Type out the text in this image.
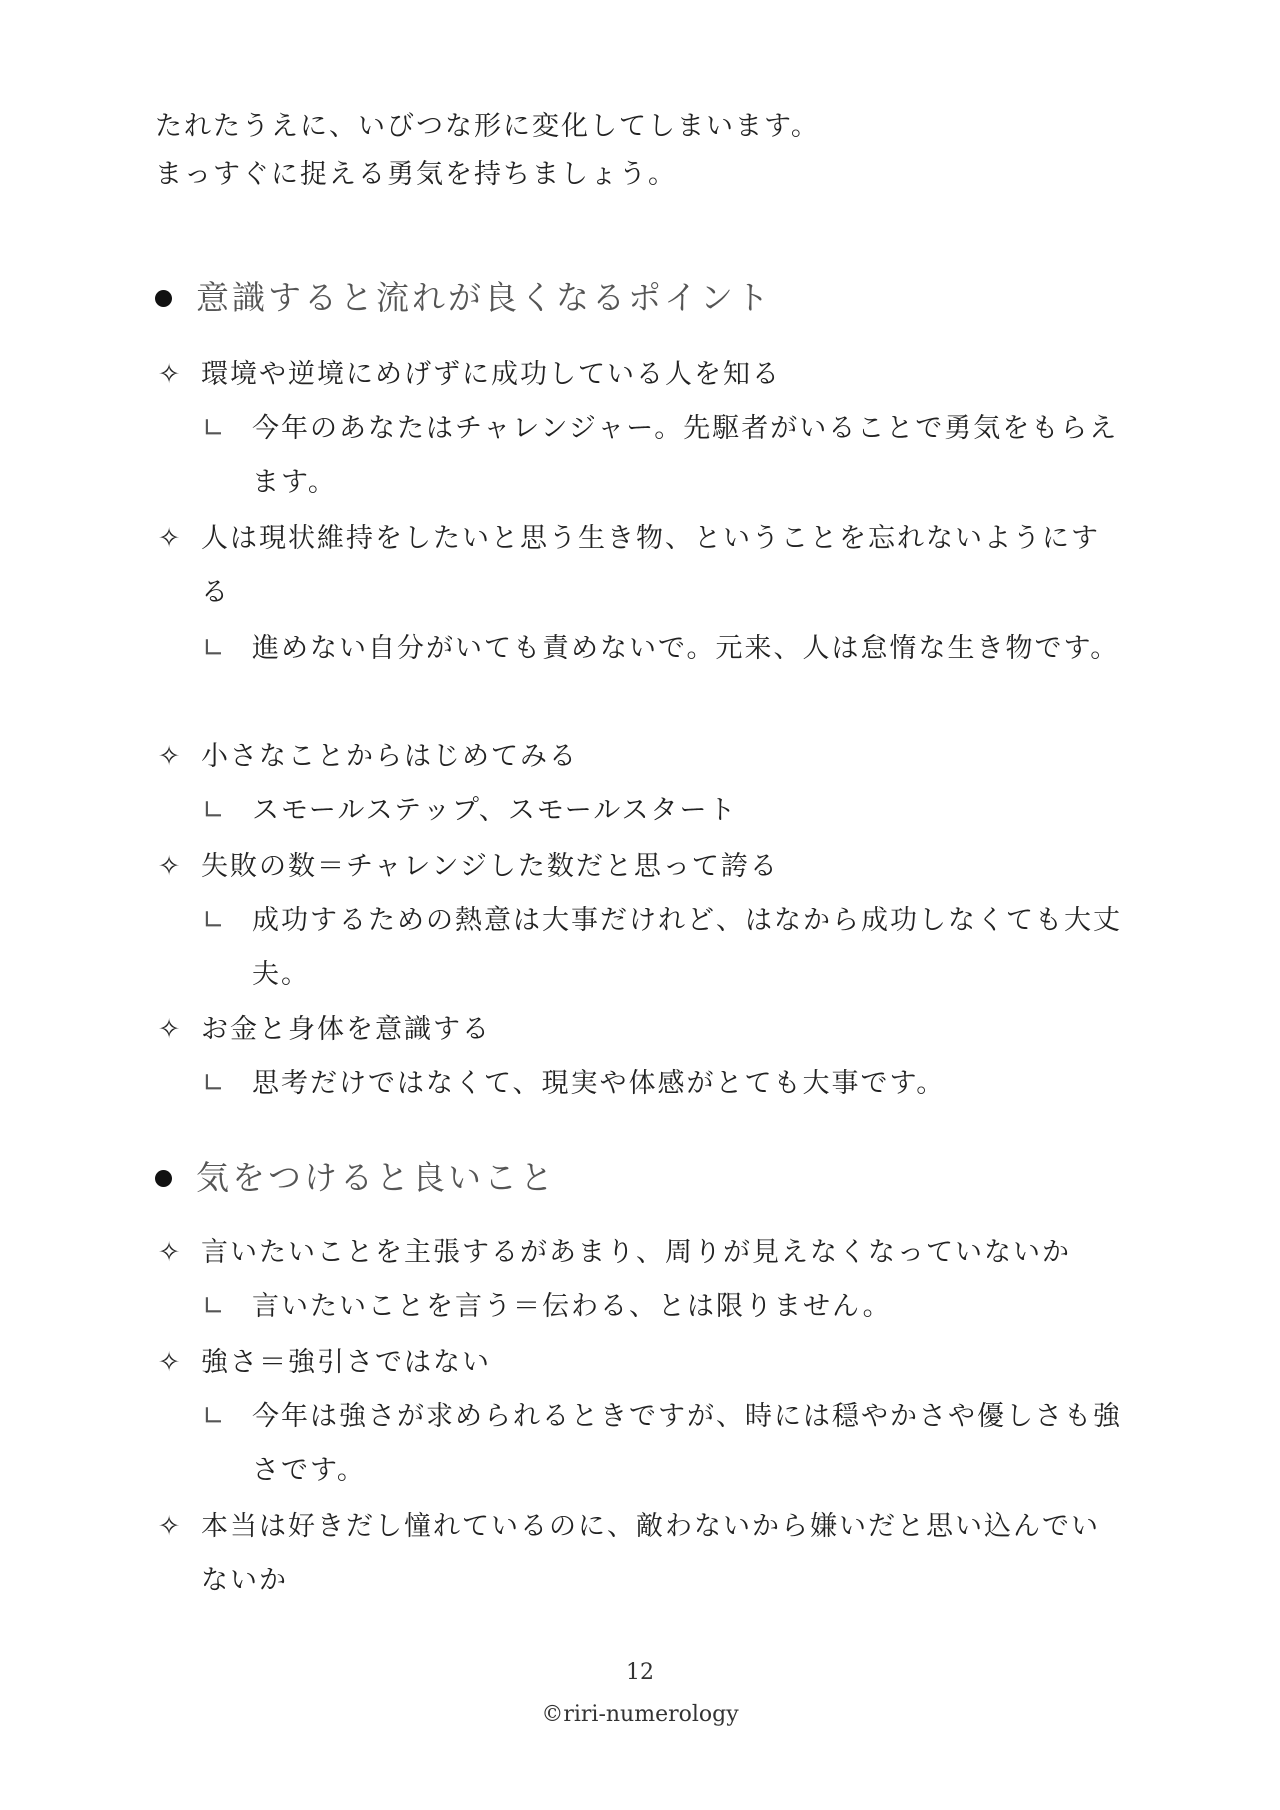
たれたうえに、いびつな形に変化してしまいます。

まっすぐに捉える勇気を持ちましょう。

意識すると流れが良くなるポイント
✧ 環境や逆境にめげずに成功している人を知る
∟ 今年のあなたはチャレンジャー。先駆者がいることで勇気をもらえます。
✧ 人は現状維持をしたいと思う生き物、ということを忘れないようにする
∟ 進めない自分がいても責めないで。元来、人は怠惰な生き物です。
✧ 小さなことからはじめてみる
∟ スモールステップ、スモールスタート
✧ 失敗の数＝チャレンジした数だと思って誇る
∟ 成功するための熱意は大事だけれど、はなから成功しなくても大丈夫。
✧ お金と身体を意識する
∟ 思考だけではなくて、現実や体感がとても大事です。
気をつけると良いこと
✧ 言いたいことを主張するがあまり、周りが見えなくなっていないか
∟ 言いたいことを言う＝伝わる、とは限りません。
✧ 強さ＝強引さではない
∟ 今年は強さが求められるときですが、時には穏やかさや優しさも強さです。
✧ 本当は好きだし憧れているのに、敵わないから嫌いだと思い込んでいないか
12
©riri-numerology
